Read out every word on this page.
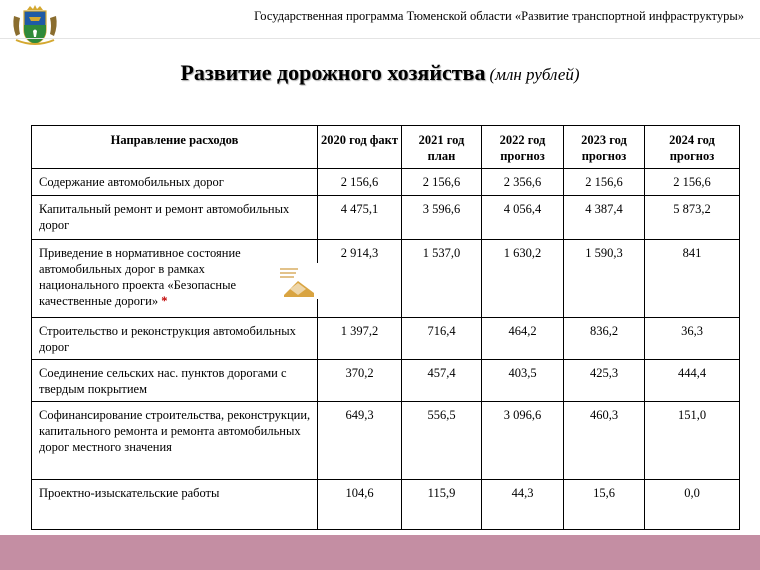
Государственная программа Тюменской области «Развитие транспортной инфраструктуры»
Развитие дорожного хозяйства (млн рублей)
Направление расходов	2020 год факт	2021 год план	2022 год прогноз	2023 год прогноз	2024 год прогноз
Содержание автомобильных дорог	2 156,6	2 156,6	2 356,6	2 156,6	2 156,6
Капитальный ремонт и ремонт автомобильных дорог	4 475,1	3 596,6	4 056,4	4 387,4	5 873,2
Приведение в нормативное состояние автомобильных дорог в рамках национального проекта «Безопасные качественные дороги» *	2 914,3	1 537,0	1 630,2	1 590,3	841
Строительство и реконструкция автомобильных дорог	1 397,2	716,4	464,2	836,2	36,3
Соединение сельских нас. пунктов дорогами с твердым покрытием	370,2	457,4	403,5	425,3	444,4
Софинансирование строительства, реконструкции, капитального ремонта и ремонта автомобильных дорог местного значения	649,3	556,5	3 096,6	460,3	151,0
Проектно-изыскательские работы	104,6	115,9	44,3	15,6	0,0
